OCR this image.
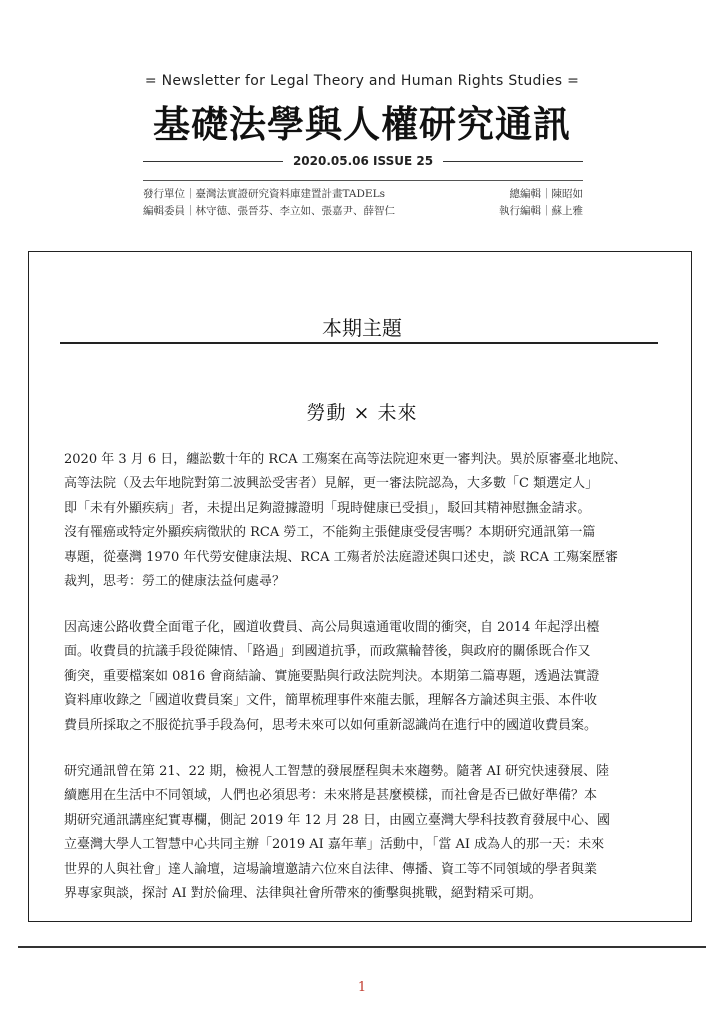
= Newsletter for Legal Theory and Human Rights Studies =
基礎法學與人權研究通訊
2020.05.06 ISSUE 25
發行單位｜臺灣法實證研究資料庫建置計畫TADELs	總編輯｜陳昭如
編輯委員｜林守德、張晉芬、李立如、張嘉尹、薛智仁	執行編輯｜蘇上雅
本期主題
勞動 × 未來
2020 年 3 月 6 日，纏訟數十年的 RCA 工殤案在高等法院迎來更一審判決。異於原審臺北地院、
高等法院（及去年地院對第二波興訟受害者）見解，更一審法院認為，大多數「C 類選定人」
即「未有外顯疾病」者，未提出足夠證據證明「現時健康已受損」，駁回其精神慰撫金請求。
沒有罹癌或特定外顯疾病徵狀的 RCA 勞工，不能夠主張健康受侵害嗎？本期研究通訊第一篇
專題，從臺灣 1970 年代勞安健康法規、RCA 工殤者於法庭證述與口述史，談 RCA 工殤案歷審
裁判，思考：勞工的健康法益何處尋？
因高速公路收費全面電子化，國道收費員、高公局與遠通電收間的衝突，自 2014 年起浮出檯
面。收費員的抗議手段從陳情、「路過」到國道抗爭，而政黨輪替後，與政府的關係既合作又
衝突，重要檔案如 0816 會商結論、實施要點與行政法院判決。本期第二篇專題，透過法實證
資料庫收錄之「國道收費員案」文件，簡單梳理事件來龍去脈，理解各方論述與主張、本件收
費員所採取之不服從抗爭手段為何，思考未來可以如何重新認識尚在進行中的國道收費員案。
研究通訊曾在第 21、22 期，檢視人工智慧的發展歷程與未來趨勢。隨著 AI 研究快速發展、陸
續應用在生活中不同領域，人們也必須思考：未來將是甚麼模樣，而社會是否已做好準備？本
期研究通訊講座紀實專欄，側記 2019 年 12 月 28 日，由國立臺灣大學科技教育發展中心、國
立臺灣大學人工智慧中心共同主辦「2019 AI 嘉年華」活動中，「當 AI 成為人的那一天：未來
世界的人與社會」達人論壇，這場論壇邀請六位來自法律、傳播、資工等不同領域的學者與業
界專家與談，探討 AI 對於倫理、法律與社會所帶來的衝擊與挑戰，絕對精采可期。
1
